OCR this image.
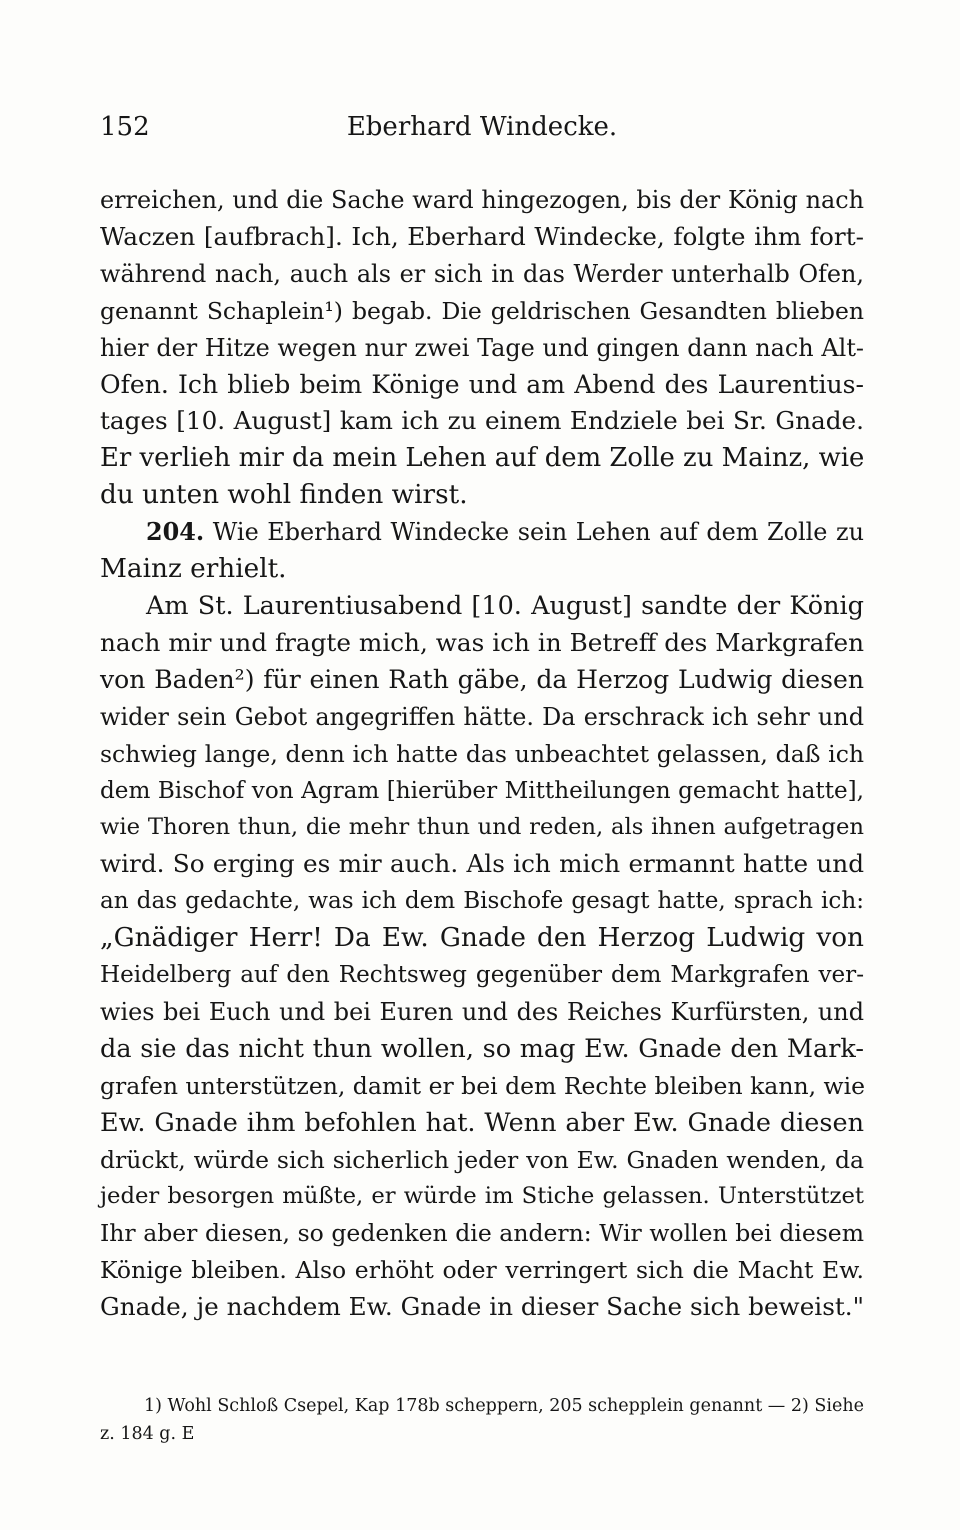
152	Eberhard Windecke.

erreichen, und die Sache ward hingezogen, bis der König nach
Waczen [aufbrach]. Ich, Eberhard Windecke, folgte ihm fort-
während nach, auch als er sich in das Werder unterhalb Ofen,
genannt Schaplein¹) begab. Die geldrischen Gesandten blieben
hier der Hitze wegen nur zwei Tage und gingen dann nach Alt-
Ofen. Ich blieb beim Könige und am Abend des Laurentius-
tages [10. August] kam ich zu einem Endziele bei Sr. Gnade.
Er verlieh mir da mein Lehen auf dem Zolle zu Mainz, wie
du unten wohl finden wirst.

204. Wie Eberhard Windecke sein Lehen auf dem Zolle zu
Mainz erhielt.

Am St. Laurentiusabend [10. August] sandte der König
nach mir und fragte mich, was ich in Betreff des Markgrafen
von Baden²) für einen Rath gäbe, da Herzog Ludwig diesen
wider sein Gebot angegriffen hätte. Da erschrack ich sehr und
schwieg lange, denn ich hatte das unbeachtet gelassen, daß ich
dem Bischof von Agram [hierüber Mittheilungen gemacht hatte],
wie Thoren thun, die mehr thun und reden, als ihnen aufgetragen
wird. So erging es mir auch. Als ich mich ermannt hatte und
an das gedachte, was ich dem Bischofe gesagt hatte, sprach ich:
„Gnädiger Herr! Da Ew. Gnade den Herzog Ludwig von
Heidelberg auf den Rechtsweg gegenüber dem Markgrafen ver-
wies bei Euch und bei Euren und des Reiches Kurfürsten, und
da sie das nicht thun wollen, so mag Ew. Gnade den Mark-
grafen unterstützen, damit er bei dem Rechte bleiben kann, wie
Ew. Gnade ihm befohlen hat. Wenn aber Ew. Gnade diesen
drückt, würde sich sicherlich jeder von Ew. Gnaden wenden, da
jeder besorgen müßte, er würde im Stiche gelassen. Unterstützet
Ihr aber diesen, so gedenken die andern: Wir wollen bei diesem
Könige bleiben. Also erhöht oder verringert sich die Macht Ew.
Gnade, je nachdem Ew. Gnade in dieser Sache sich beweist."

1) Wohl Schloß Csepel, Kap 178b scheppern, 205 schepplein genannt — 2) Siehe
z. 184 g. E
